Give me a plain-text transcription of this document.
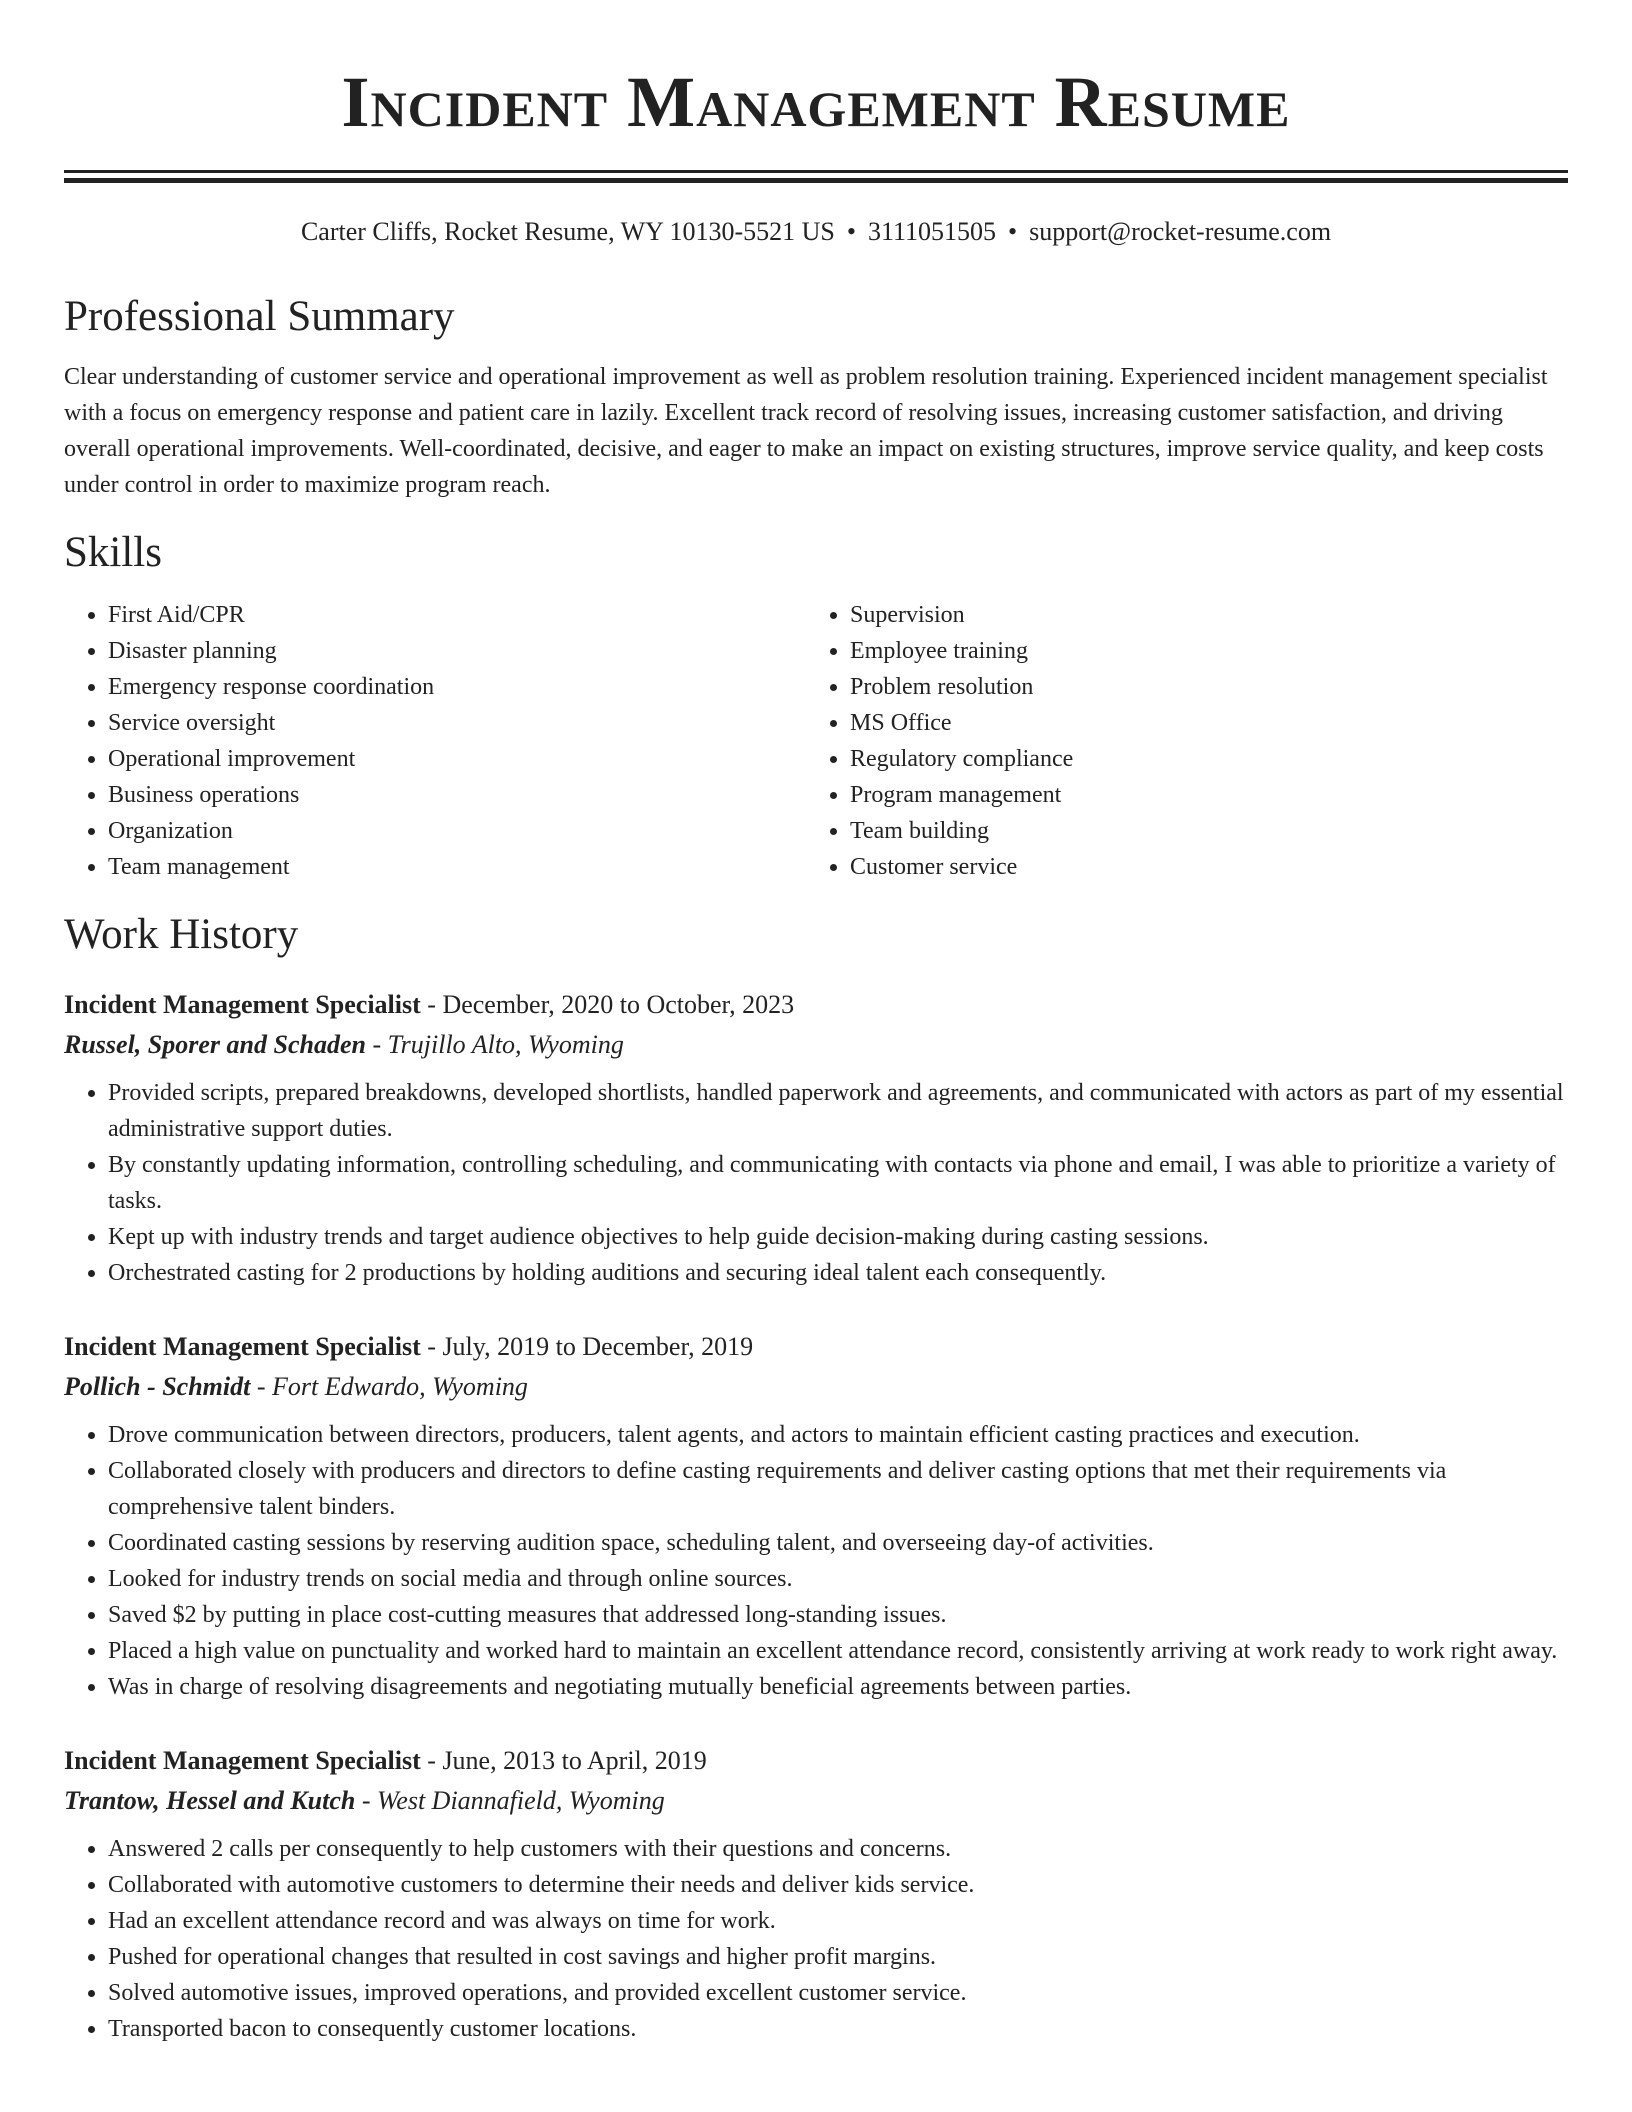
Incident Management Resume
Carter Cliffs, Rocket Resume, WY 10130-5521 US • 3111051505 • support@rocket-resume.com
Professional Summary

Clear understanding of customer service and operational improvement as well as problem resolution training. Experienced incident management specialist with a focus on emergency response and patient care in lazily. Excellent track record of resolving issues, increasing customer satisfaction, and driving overall operational improvements. Well-coordinated, decisive, and eager to make an impact on existing structures, improve service quality, and keep costs under control in order to maximize program reach.

Skills
• First Aid/CPR
• Disaster planning
• Emergency response coordination
• Service oversight
• Operational improvement
• Business operations
• Organization
• Team management
• Supervision
• Employee training
• Problem resolution
• MS Office
• Regulatory compliance
• Program management
• Team building
• Customer service
Work History
Incident Management Specialist - December, 2020 to October, 2023
Russel, Sporer and Schaden - Trujillo Alto, Wyoming
• Provided scripts, prepared breakdowns, developed shortlists, handled paperwork and agreements, and communicated with actors as part of my essential administrative support duties.
• By constantly updating information, controlling scheduling, and communicating with contacts via phone and email, I was able to prioritize a variety of tasks.
• Kept up with industry trends and target audience objectives to help guide decision-making during casting sessions.
• Orchestrated casting for 2 productions by holding auditions and securing ideal talent each consequently.
Incident Management Specialist - July, 2019 to December, 2019
Pollich - Schmidt - Fort Edwardo, Wyoming
• Drove communication between directors, producers, talent agents, and actors to maintain efficient casting practices and execution.
• Collaborated closely with producers and directors to define casting requirements and deliver casting options that met their requirements via comprehensive talent binders.
• Coordinated casting sessions by reserving audition space, scheduling talent, and overseeing day-of activities.
• Looked for industry trends on social media and through online sources.
• Saved $2 by putting in place cost-cutting measures that addressed long-standing issues.
• Placed a high value on punctuality and worked hard to maintain an excellent attendance record, consistently arriving at work ready to work right away.
• Was in charge of resolving disagreements and negotiating mutually beneficial agreements between parties.
Incident Management Specialist - June, 2013 to April, 2019
Trantow, Hessel and Kutch - West Diannafield, Wyoming
• Answered 2 calls per consequently to help customers with their questions and concerns.
• Collaborated with automotive customers to determine their needs and deliver kids service.
• Had an excellent attendance record and was always on time for work.
• Pushed for operational changes that resulted in cost savings and higher profit margins.
• Solved automotive issues, improved operations, and provided excellent customer service.
• Transported bacon to consequently customer locations.
